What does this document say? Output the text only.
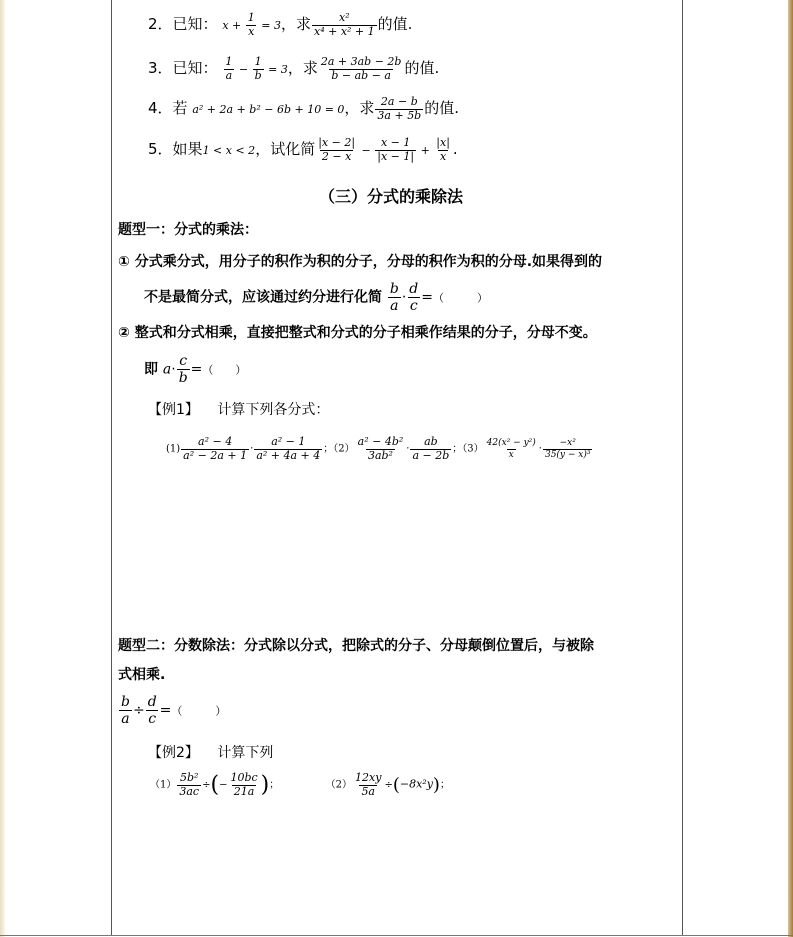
2．已知： $x + \frac{1}{x} = 3$，求 $\frac{\text{x²}}{\text{x⁴ + x² + 1}}$ 的值.
3．已知： $\frac{1}{a} - \frac{1}{b} = 3$，求 $\frac{2a + 3ab - 2b}{b - ab - a}$ 的值.
4．若 a² + 2a + b² − 6b + 10 = 0，求 $\frac{2a - b}{3a + 5b}$ 的值.
5．如果1 < x < 2，试化简 $\frac{|x - 2|}{2 - x} - \frac{x - 1}{|x - 1|} + \frac{|x|}{x}$ .
（三）分式的乘除法
题型一：分式的乘法：
① 分式乘分式，用分子的积作为积的分子，分母的积作为积的分母.如果得到的
不是最简分式，应该通过约分进行化简 $\frac{b}{a} \cdot \frac{d}{c}$ =（　　　）
② 整式和分式相乘，直接把整式和分式的分子相乘作结果的分子，分母不变。
即 $a\cdot \frac{c}{b}$ =（　　）
【例1】 计算下列各分式：
$(1) \frac{\text{a² − 4}}{\text{a² − 2a + 1}} \cdot \frac{\text{a² − 1}}{\text{a² + 4a + 4}}$ ；$(2) \frac{\text{a² − 4b²}}{\text{3ab²}} \cdot \frac{ab}{a - 2b}$ ；$(3) \frac{\text{42(x² − y²)}}{x} \cdot \frac{\text{−x²}}{\text{35(y − x)³}}$
题型二：分数除法：分式除以分式，把除式的分子、分母颠倒位置后，与被除
式相乘.
$\frac{b}{a} \div \frac{d}{c}$ =（　　　）
【例2】 计算下列
$(1) \frac{\text{5b²}}{3ac}$ ÷(− $\frac{10bc}{21a}$ )；	$(2) \frac{12xy}{5a} \div(-8x^2y)$；
